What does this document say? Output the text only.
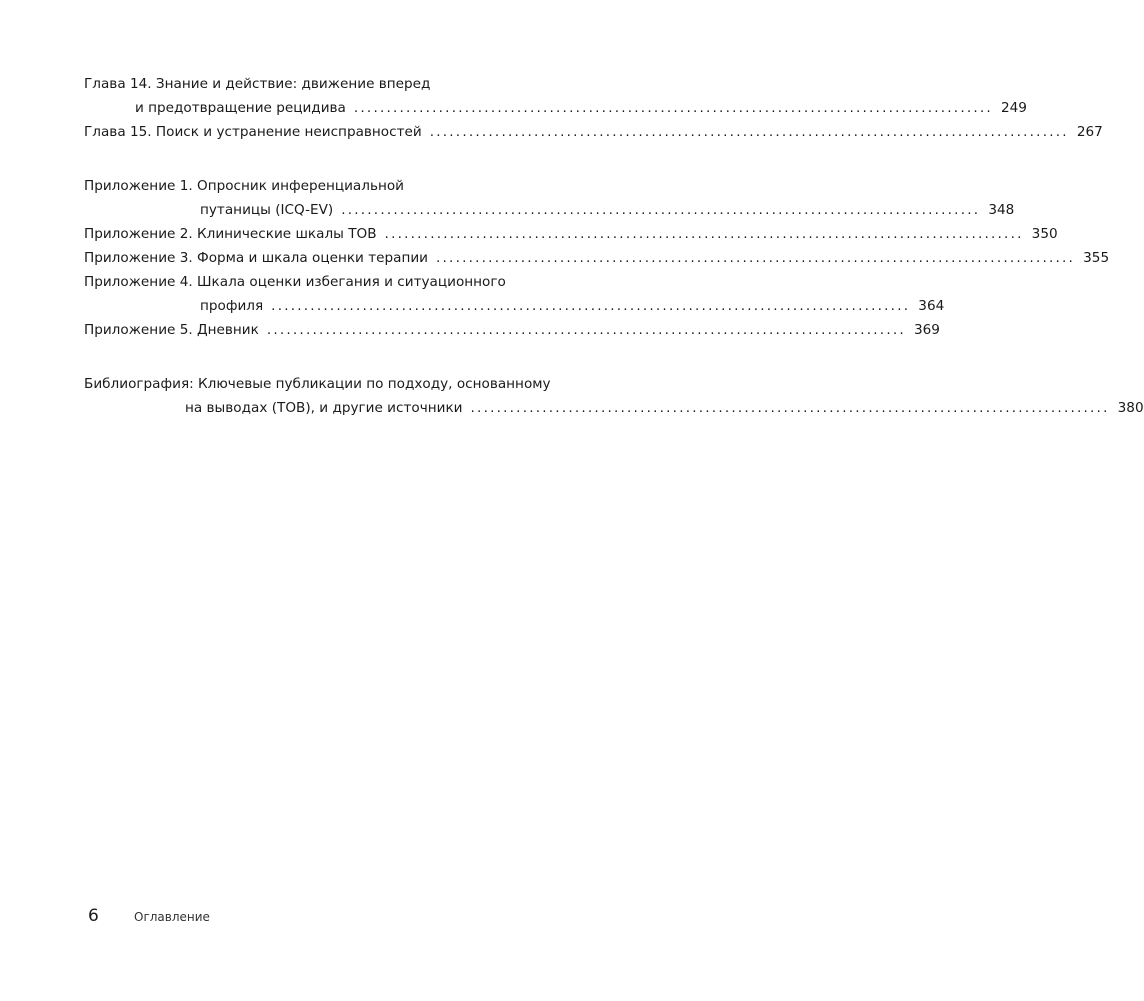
Глава 14. Знание и действие: движение вперед
и предотвращение рецидива .................................................................................................. 249
Глава 15. Поиск и устранение неисправностей .................................................................................................. 267
Приложение 1. Опросник инференциальной
путаницы (ICQ-EV) .................................................................................................. 348
Приложение 2. Клинические шкалы TOB .................................................................................................. 350
Приложение 3. Форма и шкала оценки терапии .................................................................................................. 355
Приложение 4. Шкала оценки избегания и ситуационного
профиля .................................................................................................. 364
Приложение 5. Дневник .................................................................................................. 369
Библиография: Ключевые публикации по подходу, основанному
на выводах (TOB), и другие источники .................................................................................................. 380
6	Оглавление
